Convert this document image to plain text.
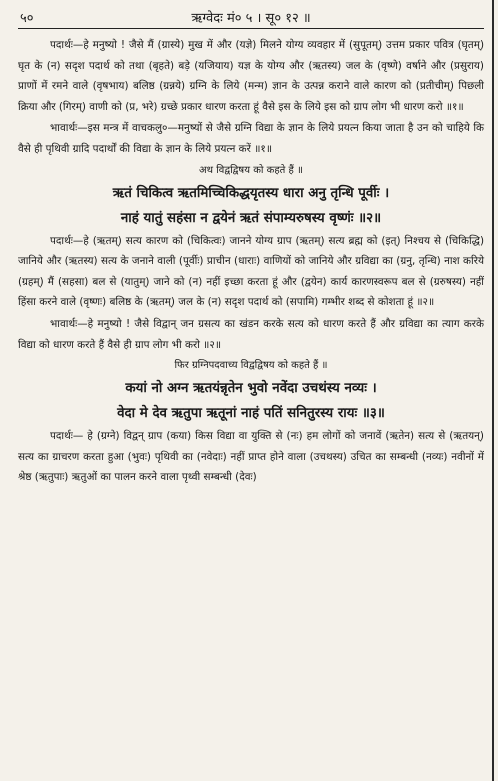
५०	ऋग्वेदः मं० ५ । सू० १२ ॥

पदार्थः—हे मनुष्यो ! जैसे मैं (ग्रास्ये) मुख में और (यज्ञे) मिलने योग्य व्यवहार में (सुपूतम्) उत्तम प्रकार पवित्र (घृतम्) घृत के (न) सदृश पदार्थ को तथा (बृहते) बड़े (यजियाय) यज्ञ के योग्य और (ऋतस्य) जल के (वृष्णे) वर्षाने और (प्रसुराय) प्राणों में रमने वाले (वृषभाय) बलिष्ठ (ग्रन्नये) ग्रग्नि के लिये (मन्म) ज्ञान के उत्पन्न कराने वाले कारण को (प्रतीचीम्) पिछली क्रिया और (गिरम्) वाणी को (प्र, भरे) ग्रच्छे प्रकार धारण करता हूं वैसे इस के लिये इस को ग्राप लोग भी धारण करो ॥१॥

भावार्थः—इस मन्त्र में वाचकलु०—मनुष्यों से जैसे ग्रग्नि विद्या के ज्ञान के लिये प्रयत्न किया जाता है उन को चाहिये कि वैसे ही पृथिवी ग्रादि पदार्थों की विद्या के ज्ञान के लिये प्रयत्न करें ॥१॥

अथ विद्वद्विषय को कहते हैं ॥

ऋतं चिकित्व ऋतमिच्चिकिद्धयृतस्य धारा अनु तृन्धि पूर्वीः ।

नाहं यातुं सहंसा न द्वयेनं ऋतं संपाम्यरुषस्य वृष्णंः ॥२॥

पदार्थः—हे (ऋतम्) सत्य कारण को (चिकित्वः) जानने योग्य ग्राप (ऋतम्) सत्य ब्रह्म को (इत्) निश्चय से (चिकिद्धि) जानिये और (ऋतस्य) सत्य के जनाने वाली (पूर्वीः) प्राचीन (धाराः) वाणियों को जानिये और ग्रविद्या का (ग्रनु, तृन्धि) नाश करिये (ग्रहम्) मैं (सहसा) बल से (यातुम्) जाने को (न) नहीं इच्छा करता हूं और (द्वयेन) कार्य कारणस्वरूप बल से (ग्ररुषस्य) नहीं हिंसा करने वाले (वृष्णः) बलिष्ठ के (ऋतम्) जल के (न) सदृश पदार्थ को (सपामि) गम्भीर शब्द से कोशता हूं ॥२॥

भावार्थः—हे मनुष्यो ! जैसे विद्वान् जन ग्रसत्य का खंडन करके सत्य को धारण करते हैं और ग्रविद्या का त्याग करके विद्या को धारण करते हैं वैसे ही ग्राप लोग भी करो ॥२॥

फिर ग्रग्निपदवाच्य विद्वद्विषय को कहते हैं ॥

कयां नो अग्न ऋतयंन्नृतेन भुवो नवेंदा उचथंस्य नव्यः ।

वेदा मे देव ऋतुपा ऋतूनां नाहं पतिं सनितुरस्य रायः ॥३॥

पदार्थः— हे (ग्रग्ने) विद्वन् ग्राप (कया) किस विद्या वा युक्ति से (नः) हम लोगों को जनावें (ऋतेन) सत्य से (ऋतयन्) सत्य का ग्राचरण करता हुआ (भुवः) पृथिवी का (नवेदाः) नहीं प्राप्त होने वाला (उचथस्य) उचित का सम्बन्धी (नव्यः) नवीनों में श्रेष्ठ (ऋतुपाः) ऋतुओं का पालन करने वाला पृथ्वी सम्बन्धी (देवः)
